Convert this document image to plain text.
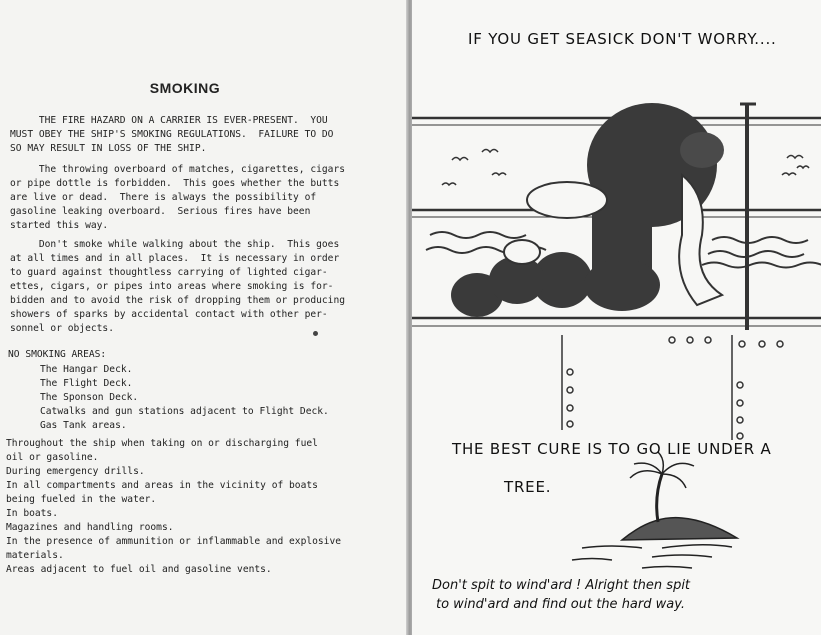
SMOKING
THE FIRE HAZARD ON A CARRIER IS EVER-PRESENT.  YOU
MUST OBEY THE SHIP'S SMOKING REGULATIONS.  FAILURE TO DO
SO MAY RESULT IN LOSS OF THE SHIP.
The throwing overboard of matches, cigarettes, cigars
or pipe dottle is forbidden.  This goes whether the butts
are live or dead.  There is always the possibility of
gasoline leaking overboard.  Serious fires have been
started this way.
Don't smoke while walking about the ship.  This goes
at all times and in all places.  It is necessary in order
to guard against thoughtless carrying of lighted cigar-
ettes, cigars, or pipes into areas where smoking is for-
bidden and to avoid the risk of dropping them or producing
showers of sparks by accidental contact with other per-
sonnel or objects.
NO SMOKING AREAS:
The Hangar Deck.
The Flight Deck.
The Sponson Deck.
Catwalks and gun stations adjacent to Flight Deck.
Gas Tank areas.
Throughout the ship when taking on or discharging fuel
oil or gasoline.
During emergency drills.
In all compartments and areas in the vicinity of boats
being fueled in the water.
In boats.
Magazines and handling rooms.
In the presence of ammunition or inflammable and explosive
materials.
Areas adjacent to fuel oil and gasoline vents.
IF YOU GET SEASICK DON'T WORRY....
THE BEST CURE IS TO GO LIE UNDER A
TREE.
Don't spit to wind'ard ! Alright then spit
to wind'ard and find out the hard way.
